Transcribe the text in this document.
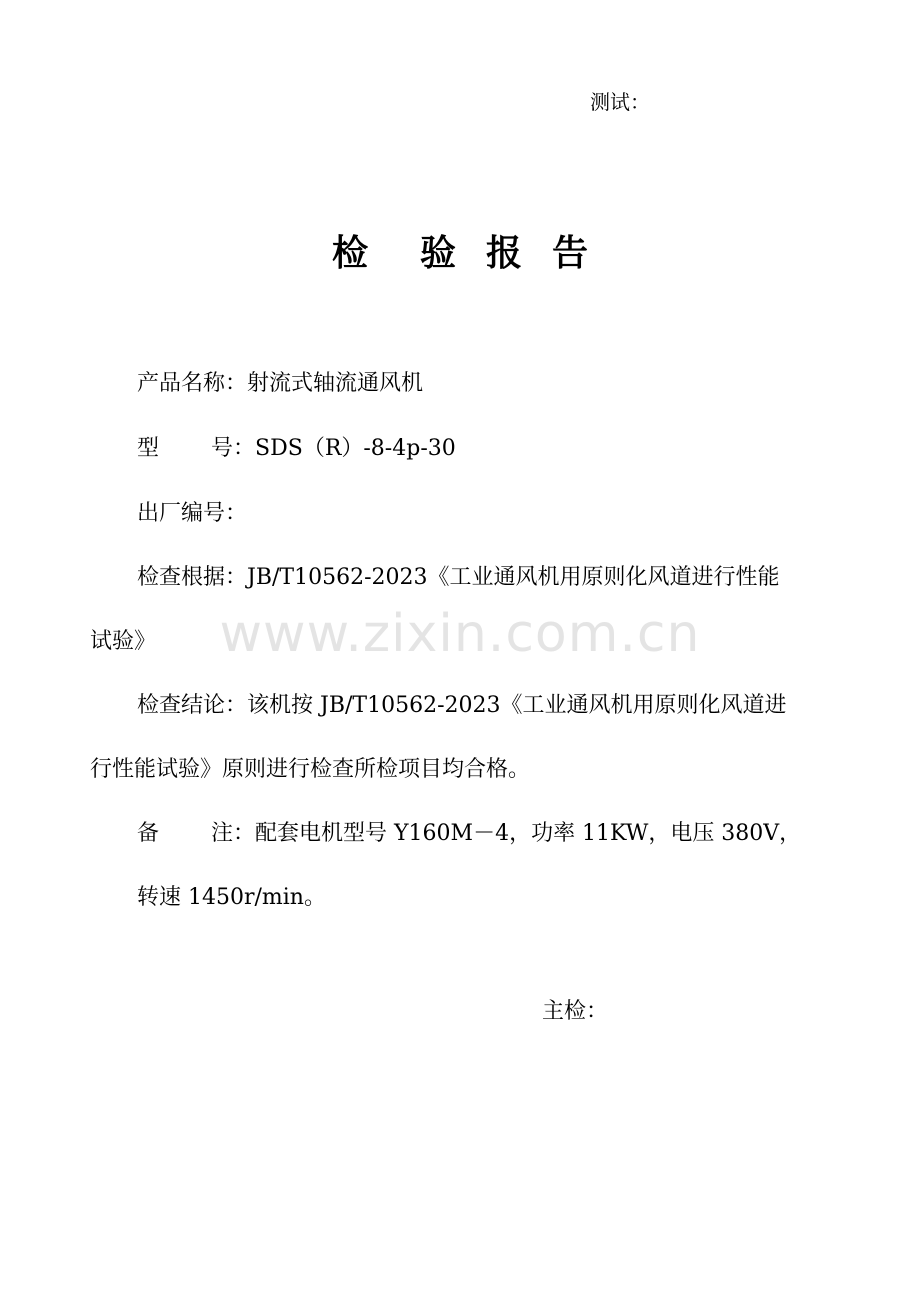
测试：
检 验 报 告
产品名称：射流式轴流通风机
型 号：SDS（R）-8-4p-30
出厂编号：
检查根据：JB/T10562-2023《工业通风机用原则化风道进行性能
试验》	www.zixin.com.cn
检查结论：该机按 JB/T10562-2023《工业通风机用原则化风道进
行性能试验》原则进行检查所检项目均合格。
备 注：配套电机型号 Y160M－4，功率 11KW，电压 380V，
转速 1450r/min。
主检：
